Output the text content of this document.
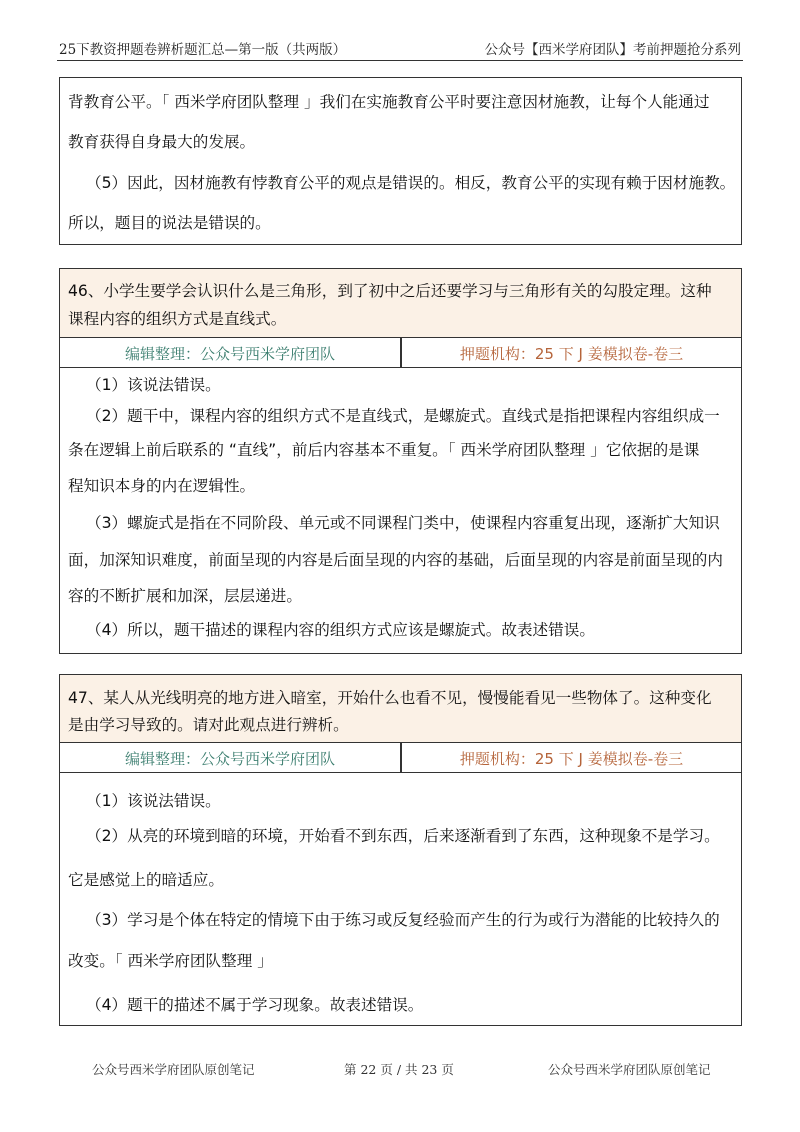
25下教资押题卷辨析题汇总—第一版（共两版）	公众号【西米学府团队】考前押题抢分系列
背教育公平。「 西米学府团队整理 」我们在实施教育公平时要注意因材施教，让每个人能通过
教育获得自身最大的发展。
（5）因此，因材施教有悖教育公平的观点是错误的。相反，教育公平的实现有赖于因材施教。
所以，题目的说法是错误的。
46、小学生要学会认识什么是三角形，到了初中之后还要学习与三角形有关的勾股定理。这种
课程内容的组织方式是直线式。
编辑整理：公众号西米学府团队	押题机构：25 下 J 姜模拟卷-卷三
（1）该说法错误。
（2）题干中，课程内容的组织方式不是直线式，是螺旋式。直线式是指把课程内容组织成一
条在逻辑上前后联系的 “直线”，前后内容基本不重复。「 西米学府团队整理 」它依据的是课
程知识本身的内在逻辑性。
（3）螺旋式是指在不同阶段、单元或不同课程门类中，使课程内容重复出现，逐渐扩大知识
面，加深知识难度，前面呈现的内容是后面呈现的内容的基础，后面呈现的内容是前面呈现的内
容的不断扩展和加深，层层递进。
（4）所以，题干描述的课程内容的组织方式应该是螺旋式。故表述错误。
47、某人从光线明亮的地方进入暗室，开始什么也看不见，慢慢能看见一些物体了。这种变化
是由学习导致的。请对此观点进行辨析。
编辑整理：公众号西米学府团队	押题机构：25 下 J 姜模拟卷-卷三
（1）该说法错误。
（2）从亮的环境到暗的环境，开始看不到东西，后来逐渐看到了东西，这种现象不是学习。
它是感觉上的暗适应。
（3）学习是个体在特定的情境下由于练习或反复经验而产生的行为或行为潜能的比较持久的
改变。「 西米学府团队整理 」
（4）题干的描述不属于学习现象。故表述错误。
公众号西米学府团队原创笔记	第 22 页 / 共 23 页	公众号西米学府团队原创笔记
